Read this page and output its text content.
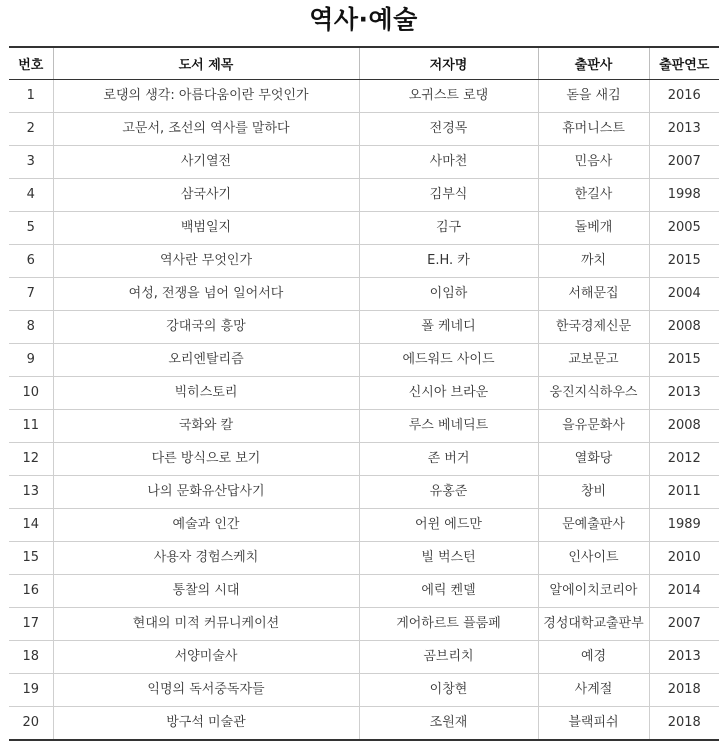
역사·예술
번호	도서 제목	저자명	출판사	출판연도
1	로댕의 생각: 아름다움이란 무엇인가	오귀스트 로댕	돋을 새김	2016
2	고문서, 조선의 역사를 말하다	전경목	휴머니스트	2013
3	사기열전	사마천	민음사	2007
4	삼국사기	김부식	한길사	1998
5	백범일지	김구	돌베개	2005
6	역사란 무엇인가	E.H. 카	까치	2015
7	여성, 전쟁을 넘어 일어서다	이임하	서해문집	2004
8	강대국의 흥망	폴 케네디	한국경제신문	2008
9	오리엔탈리즘	에드워드 사이드	교보문고	2015
10	빅히스토리	신시아 브라운	웅진지식하우스	2013
11	국화와 칼	루스 베네딕트	을유문화사	2008
12	다른 방식으로 보기	존 버거	열화당	2012
13	나의 문화유산답사기	유홍준	창비	2011
14	예술과 인간	어윈 에드만	문예출판사	1989
15	사용자 경험스케치	빌 벅스턴	인사이트	2010
16	통찰의 시대	에릭 켄델	알에이치코리아	2014
17	현대의 미적 커뮤니케이션	게어하르트 플룸페	경성대학교출판부	2007
18	서양미술사	곰브리치	예경	2013
19	익명의 독서중독자들	이창현	사계절	2018
20	방구석 미술관	조원재	블랙피쉬	2018
